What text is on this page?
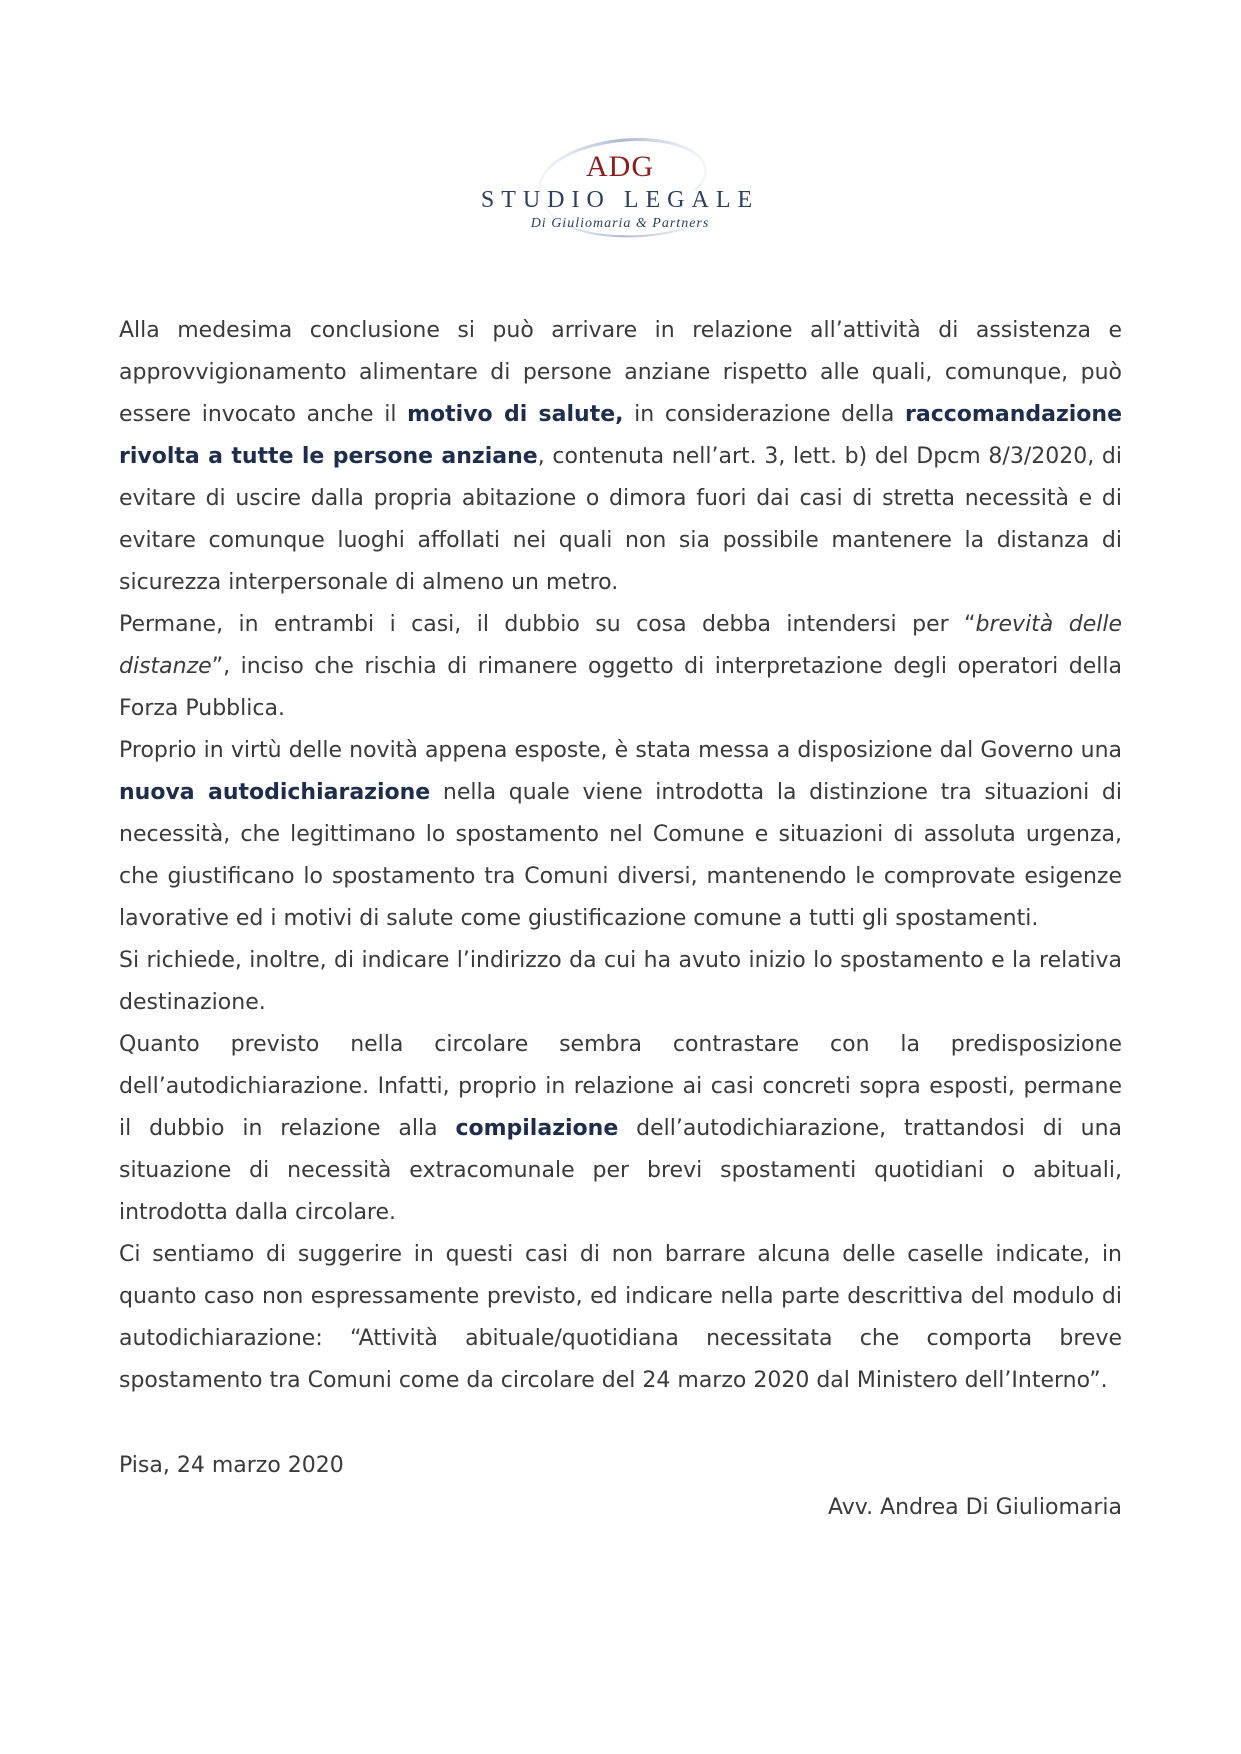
ADG
STUDIO LEGALE
Di Giuliomaria & Partners

Alla medesima conclusione si può arrivare in relazione all’attività di assistenza e approvvigionamento alimentare di persone anziane rispetto alle quali, comunque, può essere invocato anche il motivo di salute, in considerazione della raccomandazione rivolta a tutte le persone anziane, contenuta nell’art. 3, lett. b) del Dpcm 8/3/2020, di evitare di uscire dalla propria abitazione o dimora fuori dai casi di stretta necessità e di evitare comunque luoghi affollati nei quali non sia possibile mantenere la distanza di sicurezza interpersonale di almeno un metro.

Permane, in entrambi i casi, il dubbio su cosa debba intendersi per “brevità delle distanze”, inciso che rischia di rimanere oggetto di interpretazione degli operatori della Forza Pubblica.

Proprio in virtù delle novità appena esposte, è stata messa a disposizione dal Governo una nuova autodichiarazione nella quale viene introdotta la distinzione tra situazioni di necessità, che legittimano lo spostamento nel Comune e situazioni di assoluta urgenza, che giustificano lo spostamento tra Comuni diversi, mantenendo le comprovate esigenze lavorative ed i motivi di salute come giustificazione comune a tutti gli spostamenti.

Si richiede, inoltre, di indicare l’indirizzo da cui ha avuto inizio lo spostamento e la relativa destinazione.

Quanto previsto nella circolare sembra contrastare con la predisposizione dell’autodichiarazione. Infatti, proprio in relazione ai casi concreti sopra esposti, permane il dubbio in relazione alla compilazione dell’autodichiarazione, trattandosi di una situazione di necessità extracomunale per brevi spostamenti quotidiani o abituali, introdotta dalla circolare.

Ci sentiamo di suggerire in questi casi di non barrare alcuna delle caselle indicate, in quanto caso non espressamente previsto, ed indicare nella parte descrittiva del modulo di autodichiarazione: “Attività abituale/quotidiana necessitata che comporta breve spostamento tra Comuni come da circolare del 24 marzo 2020 dal Ministero dell’Interno”.

Pisa, 24 marzo 2020
Avv. Andrea Di Giuliomaria
